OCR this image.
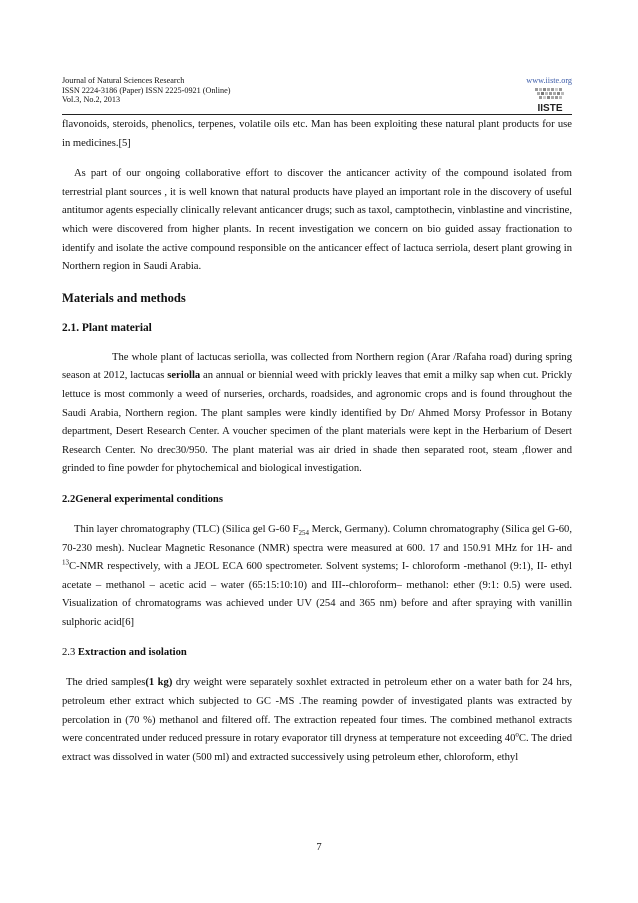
Journal of Natural Sciences Research
ISSN 2224-3186 (Paper) ISSN 2225-0921 (Online)
Vol.3, No.2, 2013
www.iiste.org
IISTE

flavonoids, steroids, phenolics, terpenes, volatile oils etc. Man has been exploiting these natural plant products for use in medicines.[5]

As part of our ongoing collaborative effort to discover the anticancer activity of the compound isolated from terrestrial plant sources , it is well known that natural products have played an important role in the discovery of useful antitumor agents especially clinically relevant anticancer drugs; such as taxol, camptothecin, vinblastine and vincristine, which were discovered from higher plants. In recent investigation we concern on bio guided assay fractionation to identify and isolate the active compound responsible on the anticancer effect of lactuca serriola, desert plant growing in Northern region in Saudi Arabia.

Materials and methods
2.1. Plant material

The whole plant of lactucas seriolla, was collected from Northern region (Arar /Rafaha road) during spring season at 2012, lactucas seriolla an annual or biennial weed with prickly leaves that emit a milky sap when cut. Prickly lettuce is most commonly a weed of nurseries, orchards, roadsides, and agronomic crops and is found throughout the Saudi Arabia, Northern region. The plant samples were kindly identified by Dr/ Ahmed Morsy Professor in Botany department, Desert Research Center. A voucher specimen of the plant materials were kept in the Herbarium of Desert Research Center. No drec30/950. The plant material was air dried in shade then separated root, steam ,flower and grinded to fine powder for phytochemical and biological investigation.

2.2General experimental conditions

Thin layer chromatography (TLC) (Silica gel G-60 $F_{254}$ Merck, Germany). Column chromatography (Silica gel G-60, 70-230 mesh). Nuclear Magnetic Resonance (NMR) spectra were measured at 600. 17 and 150.91 MHz for 1H- and $^{13}$C-NMR respectively, with a JEOL ECA 600 spectrometer. Solvent systems; I- chloroform -methanol (9:1), II- ethyl acetate – methanol – acetic acid – water (65:15:10:10) and III--chloroform– methanol: ether (9:1: 0.5) were used. Visualization of chromatograms was achieved under UV (254 and 365 nm) before and after spraying with vanillin sulphoric acid[6]

2.3 Extraction and isolation

The dried samples(1 kg) dry weight were separately soxhlet extracted in petroleum ether on a water bath for 24 hrs, petroleum ether extract which subjected to GC -MS .The reaming powder of investigated plants was extracted by percolation in (70 %) methanol and filtered off. The extraction repeated four times. The combined methanol extracts were concentrated under reduced pressure in rotary evaporator till dryness at temperature not exceeding 40$^o$C. The dried extract was dissolved in water (500 ml) and extracted successively using petroleum ether, chloroform, ethyl

7
